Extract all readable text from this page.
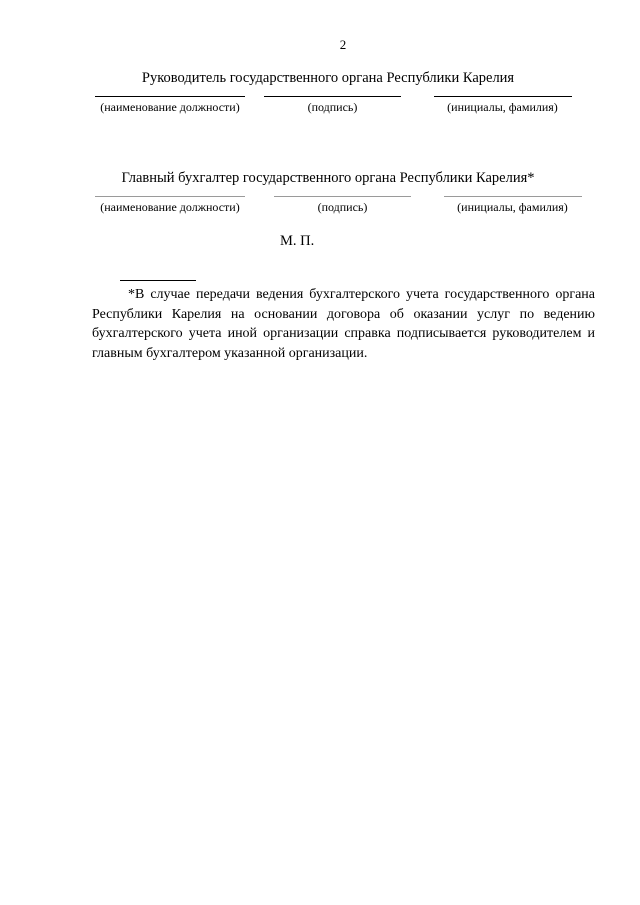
2
Руководитель государственного органа Республики Карелия
(наименование должности)	(подпись)	(инициалы, фамилия)
Главный бухгалтер государственного органа Республики Карелия*
(наименование должности)	(подпись)	(инициалы, фамилия)
М. П.
*В случае передачи ведения бухгалтерского учета государственного органа Республики Карелия на основании договора об оказании услуг по ведению бухгалтерского учета иной организации справка подписывается руководителем и главным бухгалтером указанной организации.
